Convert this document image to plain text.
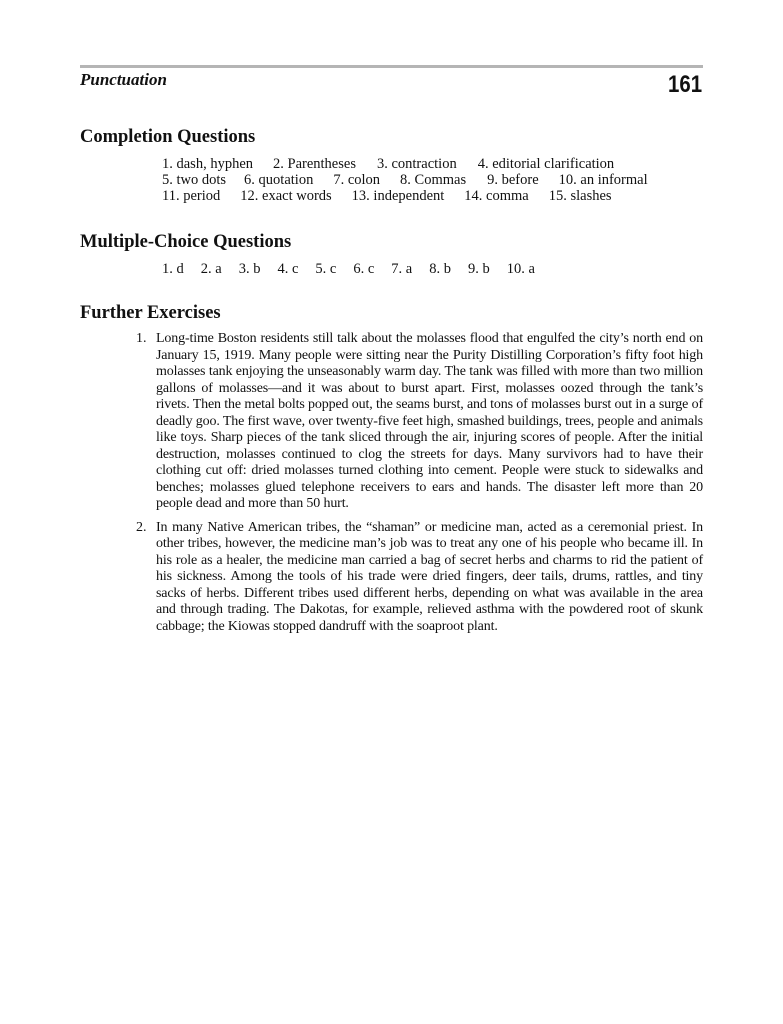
Punctuation	161
Completion Questions
1. dash, hyphen 2. Parentheses 3. contraction 4. editorial clarification
5. two dots 6. quotation 7. colon 8. Commas 9. before 10. an informal
11. period 12. exact words 13. independent 14. comma 15. slashes
Multiple-Choice Questions
1. d 2. a 3. b 4. c 5. c 6. c 7. a 8. b 9. b 10. a
Further Exercises
1. Long-time Boston residents still talk about the molasses flood that engulfed the city’s north end on January 15, 1919. Many people were sitting near the Purity Distilling Corporation’s fifty foot high molasses tank enjoying the unseasonably warm day. The tank was filled with more than two million gallons of molasses—and it was about to burst apart. First, molasses oozed through the tank’s rivets. Then the metal bolts popped out, the seams burst, and tons of molasses burst out in a surge of deadly goo. The first wave, over twenty-five feet high, smashed buildings, trees, people and animals like toys. Sharp pieces of the tank sliced through the air, injuring scores of people. After the initial destruction, molasses continued to clog the streets for days. Many survivors had to have their clothing cut off: dried molasses turned clothing into cement. People were stuck to sidewalks and benches; molasses glued telephone receivers to ears and hands. The disaster left more than 20 people dead and more than 50 hurt.

2. In many Native American tribes, the “shaman” or medicine man, acted as a ceremonial priest. In other tribes, however, the medicine man’s job was to treat any one of his people who became ill. In his role as a healer, the medicine man carried a bag of secret herbs and charms to rid the patient of his sickness. Among the tools of his trade were dried fingers, deer tails, drums, rattles, and tiny sacks of herbs. Different tribes used different herbs, depending on what was available in the area and through trading. The Dakotas, for example, relieved asthma with the powdered root of skunk cabbage; the Kiowas stopped dandruff with the soaproot plant.
